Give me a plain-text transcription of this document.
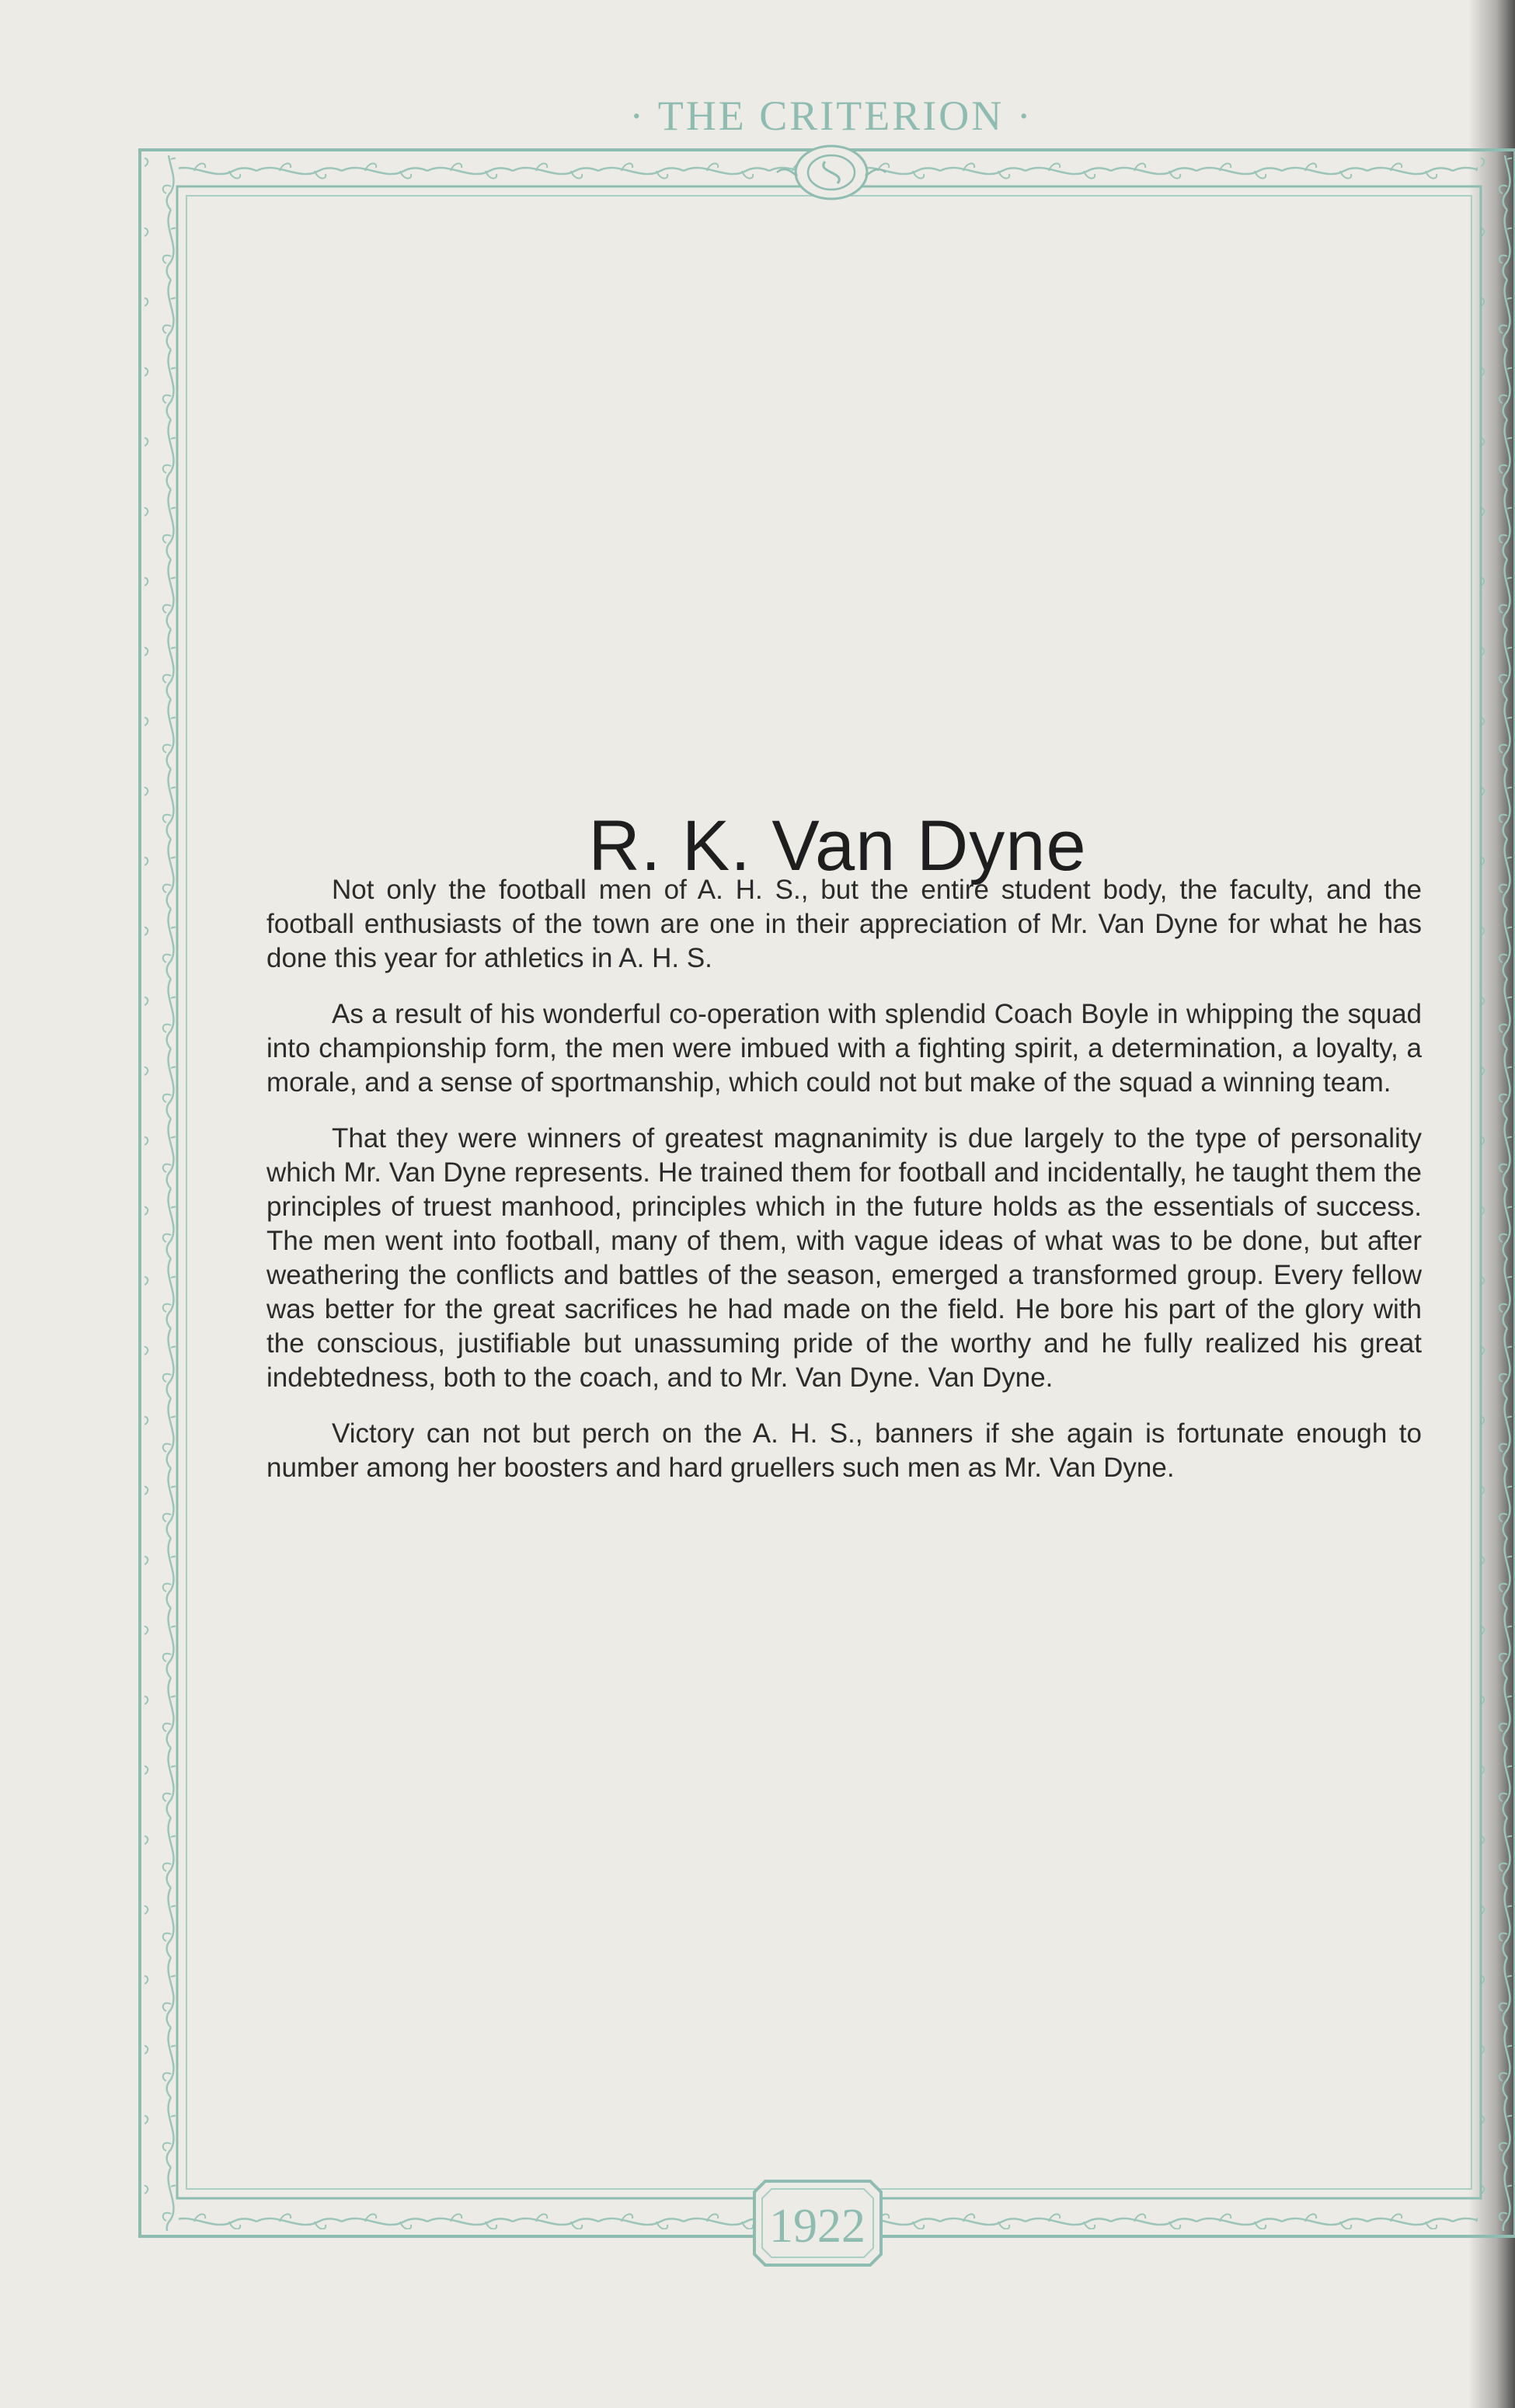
· THE CRITERION ·
1922
R. K. Van Dyne

Not only the football men of A. H. S., but the entire student body, the faculty, and the football enthusiasts of the town are one in their appreciation of Mr. Van Dyne for what he has done this year for athletics in A. H. S.

As a result of his wonderful co-operation with splendid Coach Boyle in whipping the squad into championship form, the men were imbued with a fighting spirit, a determination, a loyalty, a morale, and a sense of sportmanship, which could not but make of the squad a winning team.

That they were winners of greatest magnanimity is due largely to the type of personality which Mr. Van Dyne represents. He trained them for football and incidentally, he taught them the principles of truest manhood, principles which in the future holds as the essentials of success. The men went into football, many of them, with vague ideas of what was to be done, but after weathering the conflicts and battles of the season, emerged a transformed group. Every fellow was better for the great sacrifices he had made on the field. He bore his part of the glory with the conscious, justifiable but unassuming pride of the worthy and he fully realized his great indebtedness, both to the coach, and to Mr. Van Dyne. Van Dyne.

Victory can not but perch on the A. H. S., banners if she again is fortunate enough to number among her boosters and hard gruellers such men as Mr. Van Dyne.
